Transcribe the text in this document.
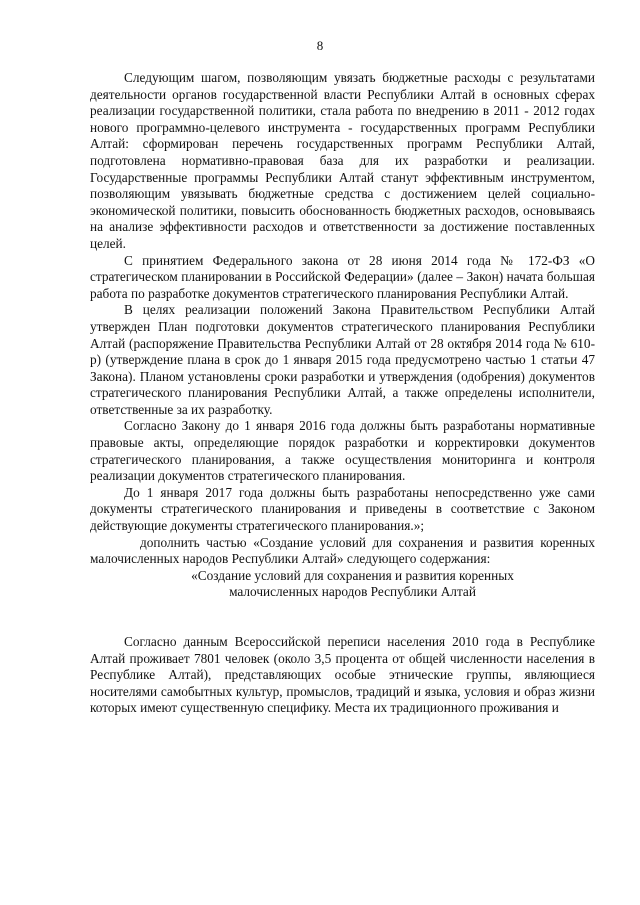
8

Следующим шагом, позволяющим увязать бюджетные расходы с результатами деятельности органов государственной власти Республики Алтай в основных сферах реализации государственной политики, стала работа по внедрению в 2011 - 2012 годах нового программно-целевого инструмента - государственных программ Республики Алтай: сформирован перечень государственных программ Республики Алтай, подготовлена нормативно-правовая база для их разработки и реализации. Государственные программы Республики Алтай станут эффективным инструментом, позволяющим увязывать бюджетные средства с достижением целей социально-экономической политики, повысить обоснованность бюджетных расходов, основываясь на анализе эффективности расходов и ответственности за достижение поставленных целей.

С принятием Федерального закона от 28 июня 2014 года № 172-ФЗ «О стратегическом планировании в Российской Федерации» (далее – Закон) начата большая работа по разработке документов стратегического планирования Республики Алтай.

В целях реализации положений Закона Правительством Республики Алтай утвержден План подготовки документов стратегического планирования Республики Алтай (распоряжение Правительства Республики Алтай от 28 октября 2014 года № 610-р) (утверждение плана в срок до 1 января 2015 года предусмотрено частью 1 статьи 47 Закона). Планом установлены сроки разработки и утверждения (одобрения) документов стратегического планирования Республики Алтай, а также определены исполнители, ответственные за их разработку.

Согласно Закону до 1 января 2016 года должны быть разработаны нормативные правовые акты, определяющие порядок разработки и корректировки документов стратегического планирования, а также осуществления мониторинга и контроля реализации документов стратегического планирования.

До 1 января 2017 года должны быть разработаны непосредственно уже сами документы стратегического планирования и приведены в соответствие с Законом действующие документы стратегического планирования.»;

дополнить частью «Создание условий для сохранения и развития коренных малочисленных народов Республики Алтай» следующего содержания:

«Создание условий для сохранения и развития коренных малочисленных народов Республики Алтай

Согласно данным Всероссийской переписи населения 2010 года в Республике Алтай проживает 7801 человек (около 3,5 процента от общей численности населения в Республике Алтай), представляющих особые этнические группы, являющиеся носителями самобытных культур, промыслов, традиций и языка, условия и образ жизни которых имеют существенную специфику. Места их традиционного проживания и
